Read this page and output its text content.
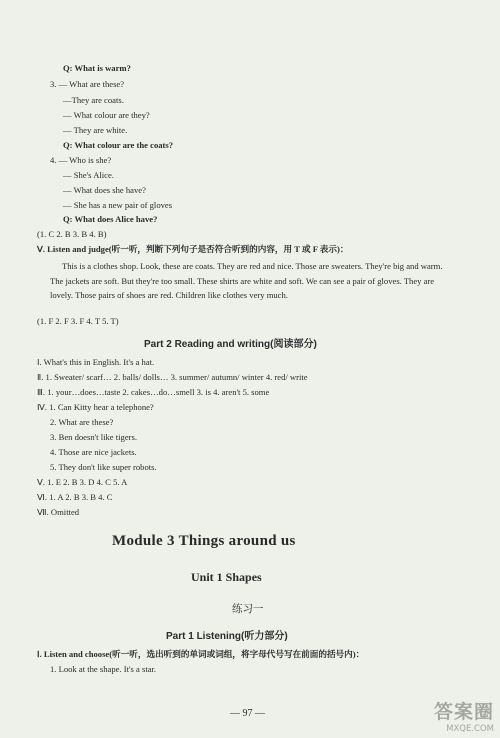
Q: What is warm?
3. — What are these?
—They are coats.
— What colour are they?
— They are white.
Q: What colour are the coats?
4. — Who is she?
— She's Alice.
— What does she have?
— She has a new pair of gloves
Q: What does Alice have?
(1. C 2. B 3. B 4. B)
Ⅴ. Listen and judge(听一听，判断下列句子是否符合听到的内容，用 T 或 F 表示)：
This is a clothes shop. Look, these are coats. They are red and nice. Those are sweaters. They're big and warm. The jackets are soft. But they're too small. These shirts are white and soft. We can see a pair of gloves. They are lovely. Those pairs of shoes are red. Children like clothes very much.
(1. F 2. F 3. F 4. T 5. T)
Part 2 Reading and writing(阅读部分)
Ⅰ. What's this in English. It's a hat.
Ⅱ. 1. Sweater/ scarf… 2. balls/ dolls… 3. summer/ autumn/ winter 4. red/ write
Ⅲ. 1. your…does…taste 2. cakes…do…smell 3. is 4. aren't 5. some
Ⅳ. 1. Can Kitty hear a telephone?
2. What are these?
3. Ben doesn't like tigers.
4. Those are nice jackets.
5. They don't like super robots.
Ⅴ. 1. E 2. B 3. D 4. C 5. A
Ⅵ. 1. A 2. B 3. B 4. C
Ⅶ. Omitted
Module 3 Things around us
Unit 1 Shapes
练习一
Part 1 Listening(听力部分)
Ⅰ. Listen and choose(听一听，选出听到的单词或词组，将字母代号写在前面的括号内)：
1. Look at the shape. It's a star.
— 97 —	答案圈
MXQE.COM
